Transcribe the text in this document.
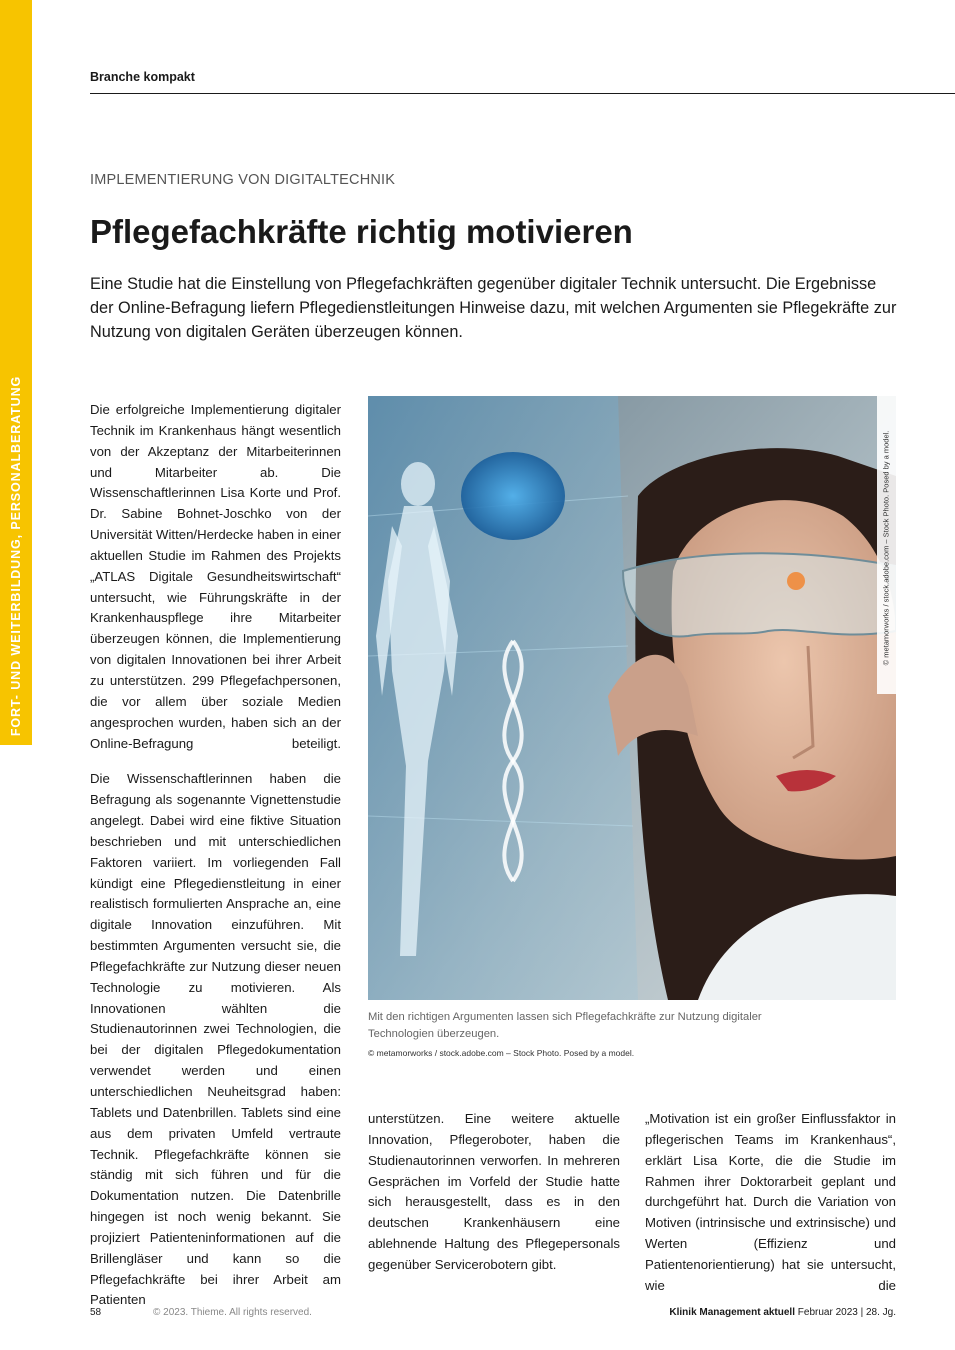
FORT- UND WEITERBILDUNG, PERSONALBERATUNG
Branche kompakt
IMPLEMENTIERUNG VON DIGITALTECHNIK
Pflegefachkräfte richtig motivieren

Eine Studie hat die Einstellung von Pflegefachkräften gegenüber digitaler Technik untersucht. Die Ergebnisse der Online-Befragung liefern Pflegedienstleitungen Hinweise dazu, mit welchen Argumenten sie Pflegekräfte zur Nutzung von digitalen Geräten überzeugen können.

Die erfolgreiche Implementierung digitaler Technik im Krankenhaus hängt wesentlich von der Akzeptanz der Mitarbeiterinnen und Mitarbeiter ab. Die Wissenschaftlerinnen Lisa Korte und Prof. Dr. Sabine Bohnet-Joschko von der Universität Witten/Herdecke haben in einer aktuellen Studie im Rahmen des Projekts „ATLAS Digitale Gesundheitswirtschaft“ untersucht, wie Führungskräfte in der Krankenhauspflege ihre Mitarbeiter überzeugen können, die Implementierung von digitalen Innovationen bei ihrer Arbeit zu unterstützen. 299 Pflegefachpersonen, die vor allem über soziale Medien angesprochen wurden, haben sich an der Online-Befragung beteiligt.

Die Wissenschaftlerinnen haben die Befragung als sogenannte Vignettenstudie angelegt. Dabei wird eine fiktive Situation beschrieben und mit unterschiedlichen Faktoren variiert. Im vorliegenden Fall kündigt eine Pflegedienstleitung in einer realistisch formulierten Ansprache an, eine digitale Innovation einzuführen. Mit bestimmten Argumenten versucht sie, die Pflegefachkräfte zur Nutzung dieser neuen Technologie zu motivieren. Als Innovationen wählten die Studienautorinnen zwei Technologien, die bei der digitalen Pflegedokumentation verwendet werden und einen unterschiedlichen Neuheitsgrad haben: Tablets und Datenbrillen. Tablets sind eine aus dem privaten Umfeld vertraute Technik. Pflegefachkräfte können sie ständig mit sich führen und für die Dokumentation nutzen. Die Datenbrille hingegen ist noch wenig bekannt. Sie projiziert Patienteninformationen auf die Brillengläser und kann so die Pflegefachkräfte bei ihrer Arbeit am Patienten

© metamorworks / stock.adobe.com – Stock Photo. Posed by a model.
Mit den richtigen Argumenten lassen sich Pflegefachkräfte zur Nutzung digitaler Technologien überzeugen.
© metamorworks / stock.adobe.com – Stock Photo. Posed by a model.

unterstützen. Eine weitere aktuelle Innovation, Pflegeroboter, haben die Studienautorinnen verworfen. In mehreren Gesprächen im Vorfeld der Studie hatte sich herausgestellt, dass es in den deutschen Krankenhäusern eine ablehnende Haltung des Pflegepersonals gegenüber Servicerobotern gibt.

„Motivation ist ein großer Einflussfaktor in pflegerischen Teams im Krankenhaus“, erklärt Lisa Korte, die die Studie im Rahmen ihrer Doktorarbeit geplant und durchgeführt hat. Durch die Variation von Motiven (intrinsische und extrinsische) und Werten (Effizienz und Patientenorientierung) hat sie untersucht, wie die

58	© 2023. Thieme. All rights reserved.	Klinik Management aktuell Februar 2023 | 28. Jg.
